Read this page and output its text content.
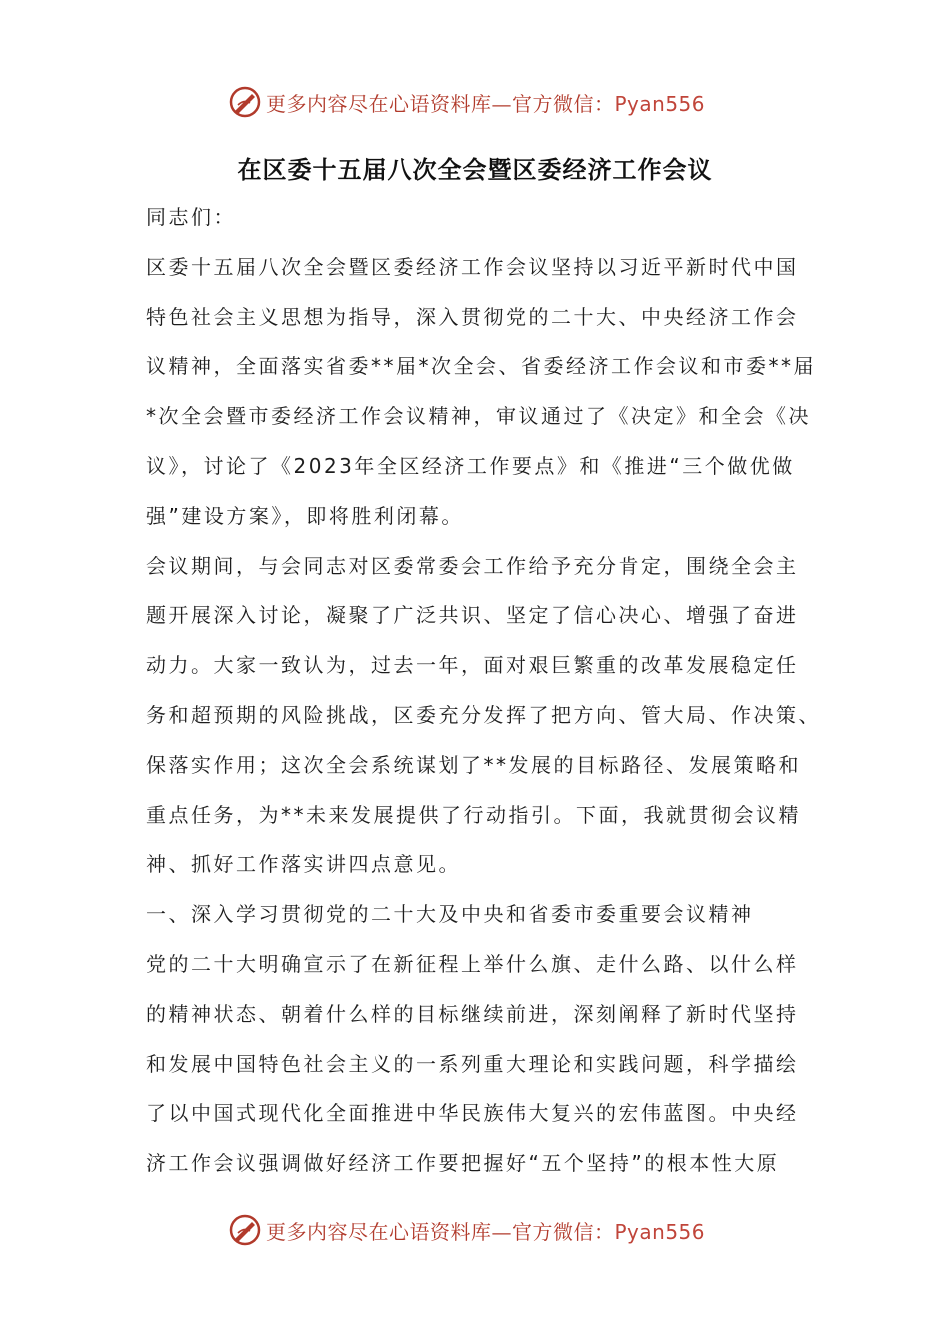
更多内容尽在心语资料库—官方微信：Pyan556
在区委十五届八次全会暨区委经济工作会议
同志们：
区委十五届八次全会暨区委经济工作会议坚持以习近平新时代中国
特色社会主义思想为指导，深入贯彻党的二十大、中央经济工作会
议精神，全面落实省委**届*次全会、省委经济工作会议和市委**届
*次全会暨市委经济工作会议精神，审议通过了《决定》和全会《决
议》，讨论了《2023年全区经济工作要点》和《推进“三个做优做
强”建设方案》，即将胜利闭幕。
会议期间，与会同志对区委常委会工作给予充分肯定，围绕全会主
题开展深入讨论，凝聚了广泛共识、坚定了信心决心、增强了奋进
动力。大家一致认为，过去一年，面对艰巨繁重的改革发展稳定任
务和超预期的风险挑战，区委充分发挥了把方向、管大局、作决策、
保落实作用；这次全会系统谋划了**发展的目标路径、发展策略和
重点任务，为**未来发展提供了行动指引。下面，我就贯彻会议精
神、抓好工作落实讲四点意见。
一、深入学习贯彻党的二十大及中央和省委市委重要会议精神
党的二十大明确宣示了在新征程上举什么旗、走什么路、以什么样
的精神状态、朝着什么样的目标继续前进，深刻阐释了新时代坚持
和发展中国特色社会主义的一系列重大理论和实践问题，科学描绘
了以中国式现代化全面推进中华民族伟大复兴的宏伟蓝图。中央经
济工作会议强调做好经济工作要把握好“五个坚持”的根本性大原
更多内容尽在心语资料库—官方微信：Pyan556
